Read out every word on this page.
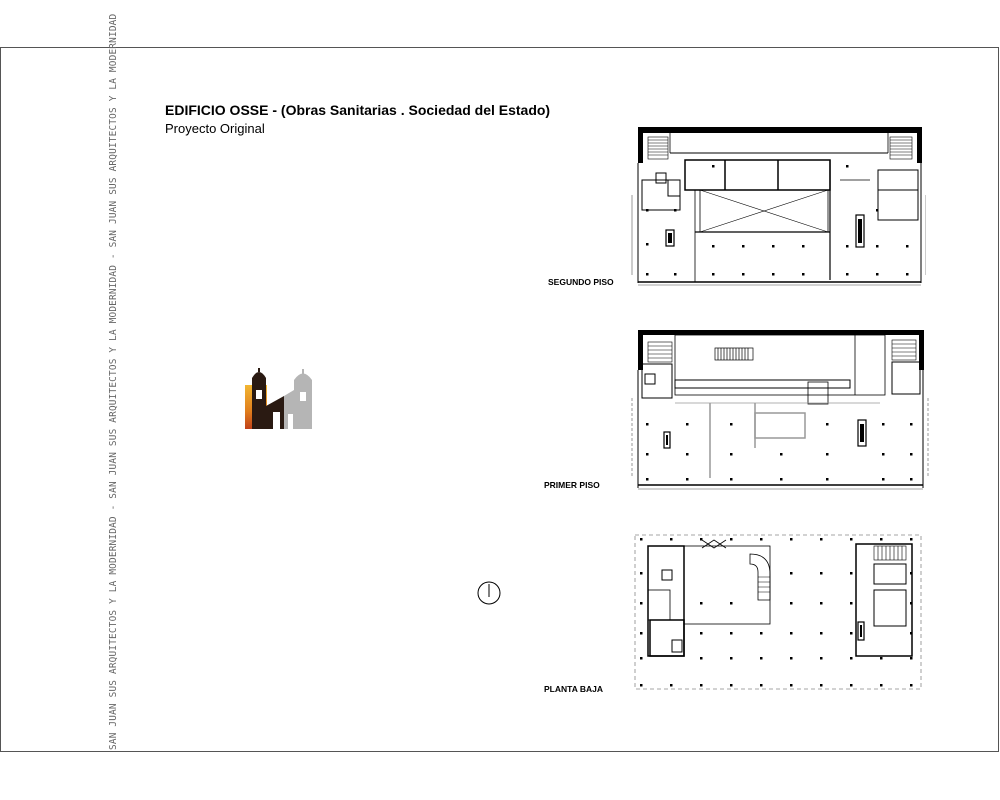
SAN JUAN SUS ARQUITECTOS Y LA MODERNIDAD - SAN JUAN SUS ARQUITECTOS Y LA MODERNIDAD - SAN JUAN SUS ARQUITECTOS Y LA MODERNIDAD	EDIFICIO OSSE - (Obras Sanitarias . Sociedad del Estado)
Proyecto Original
SEGUNDO PISO
PRIMER PISO
PLANTA BAJA
